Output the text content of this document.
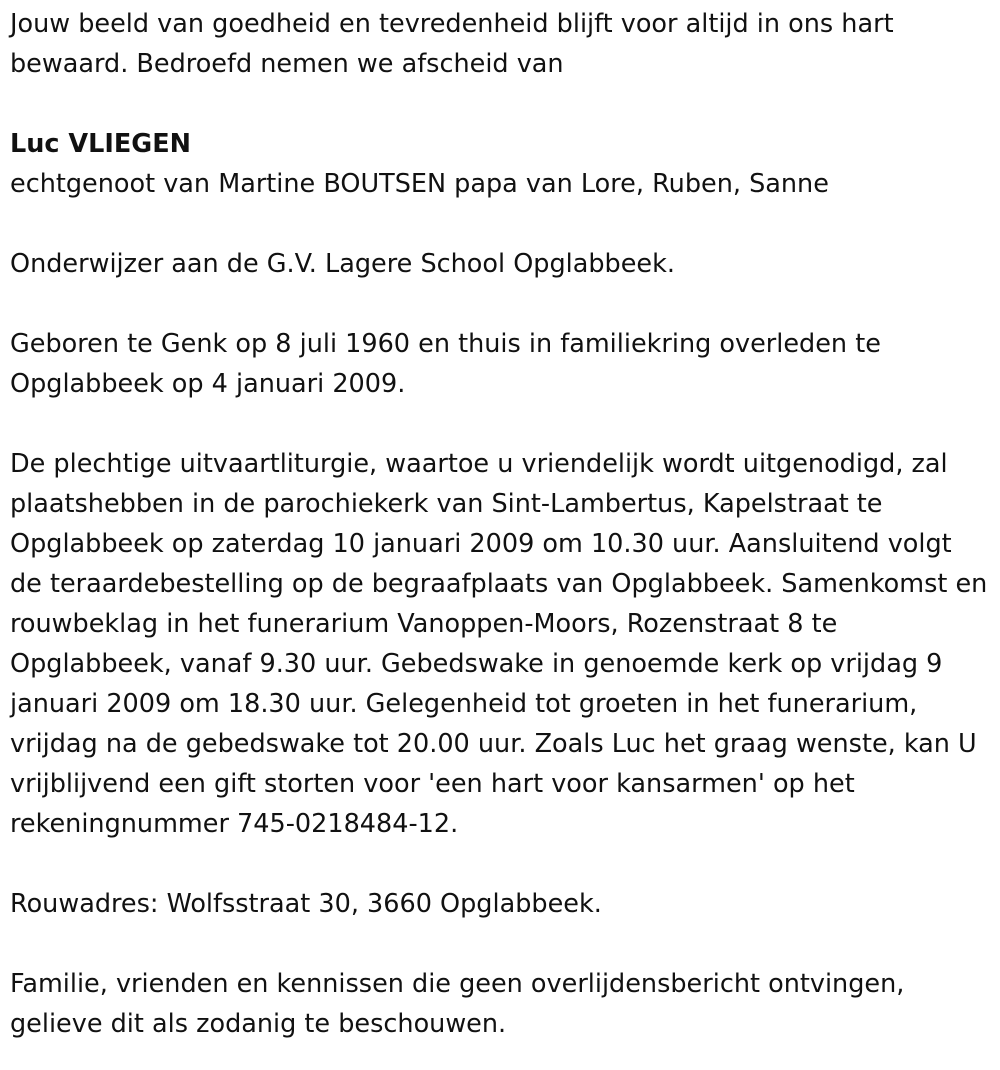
Jouw beeld van goedheid en tevredenheid blijft voor altijd in ons hart bewaard. Bedroefd nemen we afscheid van

Luc VLIEGEN

echtgenoot van Martine BOUTSEN papa van Lore, Ruben, Sanne

Onderwijzer aan de G.V. Lagere School Opglabbeek.

Geboren te Genk op 8 juli 1960 en thuis in familiekring overleden te Opglabbeek op 4 januari 2009.

De plechtige uitvaartliturgie, waartoe u vriendelijk wordt uitgenodigd, zal plaatshebben in de parochiekerk van Sint-Lambertus, Kapelstraat te Opglabbeek op zaterdag 10 januari 2009 om 10.30 uur. Aansluitend volgt de teraardebestelling op de begraafplaats van Opglabbeek. Samenkomst en rouwbeklag in het funerarium Vanoppen-Moors, Rozenstraat 8 te Opglabbeek, vanaf 9.30 uur. Gebedswake in genoemde kerk op vrijdag 9 januari 2009 om 18.30 uur. Gelegenheid tot groeten in het funerarium, vrijdag na de gebedswake tot 20.00 uur. Zoals Luc het graag wenste, kan U vrijblijvend een gift storten voor 'een hart voor kansarmen' op het rekeningnummer 745-0218484-12.

Rouwadres: Wolfsstraat 30, 3660 Opglabbeek.

Familie, vrienden en kennissen die geen overlijdensbericht ontvingen, gelieve dit als zodanig te beschouwen.
